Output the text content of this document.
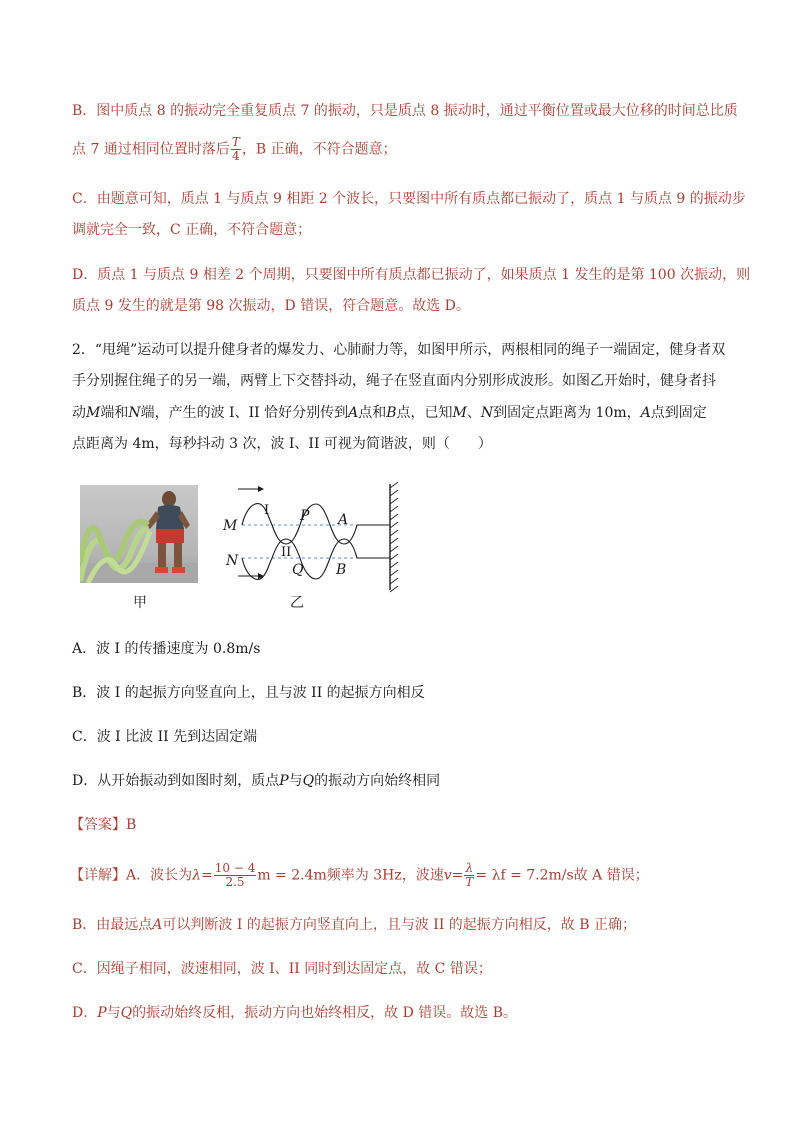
B．图中质点 8 的振动完全重复质点 7 的振动，只是质点 8 振动时，通过平衡位置或最大位移的时间总比质
点 7 通过相同位置时落后 $\frac{T}{4}$ ，B 正确，不符合题意；
C．由题意可知，质点 1 与质点 9 相距 2 个波长，只要图中所有质点都已振动了，质点 1 与质点 9 的振动步
调就完全一致，C 正确，不符合题意；
D．质点 1 与质点 9 相差 2 个周期，只要图中所有质点都已振动了，如果质点 1 发生的是第 100 次振动，则
质点 9 发生的就是第 98 次振动，D 错误，符合题意。故选 D。
2．“甩绳”运动可以提升健身者的爆发力、心肺耐力等，如图甲所示，两根相同的绳子一端固定，健身者双
手分别握住绳子的另一端，两臂上下交替抖动，绳子在竖直面内分别形成波形。如图乙开始时，健身者抖
动M端和N端，产生的波 I、II 恰好分别传到A点和B点，已知M、N到固定点距离为 10m，A点到固定
点距离为 4m，每秒抖动 3 次，波 I、II 可视为简谐波，则（　　）
甲
M
N
P
Q
A
B
I
II
乙
A．波 I 的传播速度为 0.8m/s
B．波 I 的起振方向竖直向上，且与波 II 的起振方向相反
C．波 I 比波 II 先到达固定端
D．从开始振动到如图时刻，质点P与Q的振动方向始终相同
【答案】B
【详解】A．波长为$\lambda= \frac{10 - 4}{2.5}$ m = 2.4m频率为 3Hz，波速$v= \frac{\lambda}{T} = \lambda f = 7.2m/s$故 A 错误；
B．由最远点A可以判断波 I 的起振方向竖直向上，且与波 II 的起振方向相反，故 B 正确；
C．因绳子相同，波速相同，波 I、II 同时到达固定点，故 C 错误；
D．P与Q的振动始终反相，振动方向也始终相反，故 D 错误。故选 B。
